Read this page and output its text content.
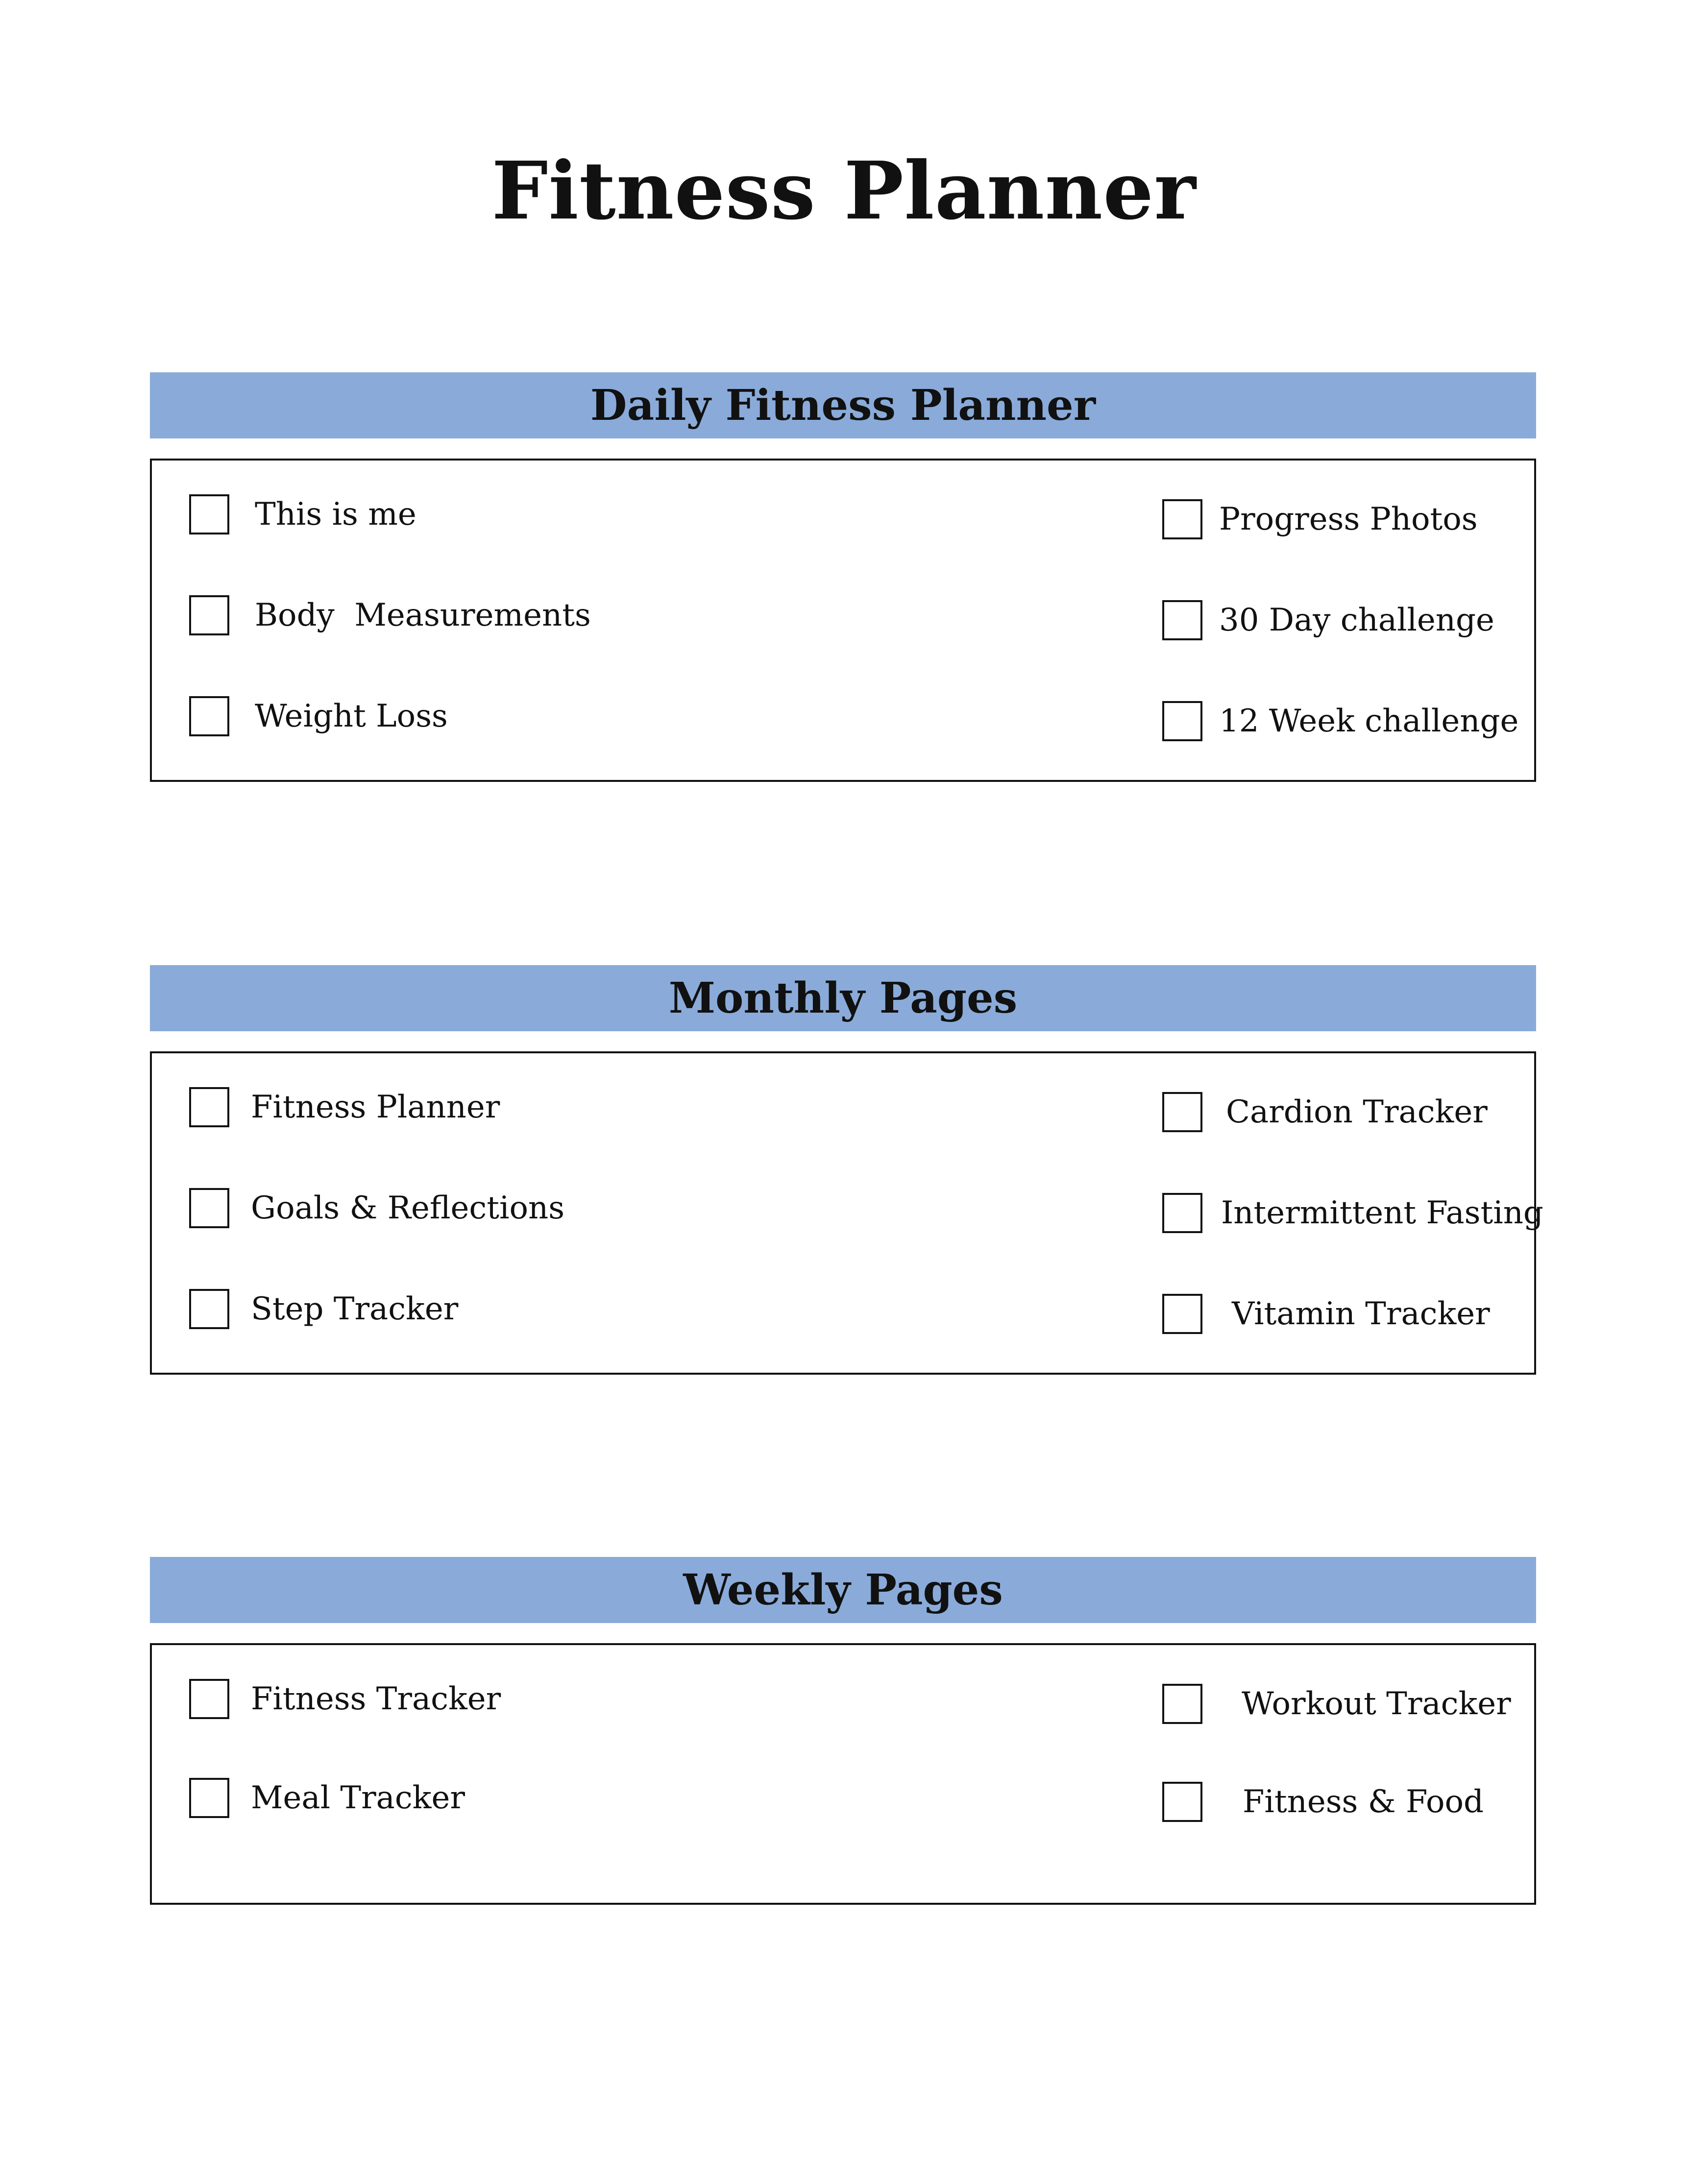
Fitness Planner
Daily Fitness Planner
This is me
Body  Measurements
Weight Loss
Progress Photos
30 Day challenge
12 Week challenge
Monthly Pages
Fitness Planner
Goals & Reflections
Step Tracker
Cardion Tracker
Intermittent Fasting
Vitamin Tracker
Weekly Pages
Fitness Tracker
Meal Tracker
Workout Tracker
Fitness & Food
